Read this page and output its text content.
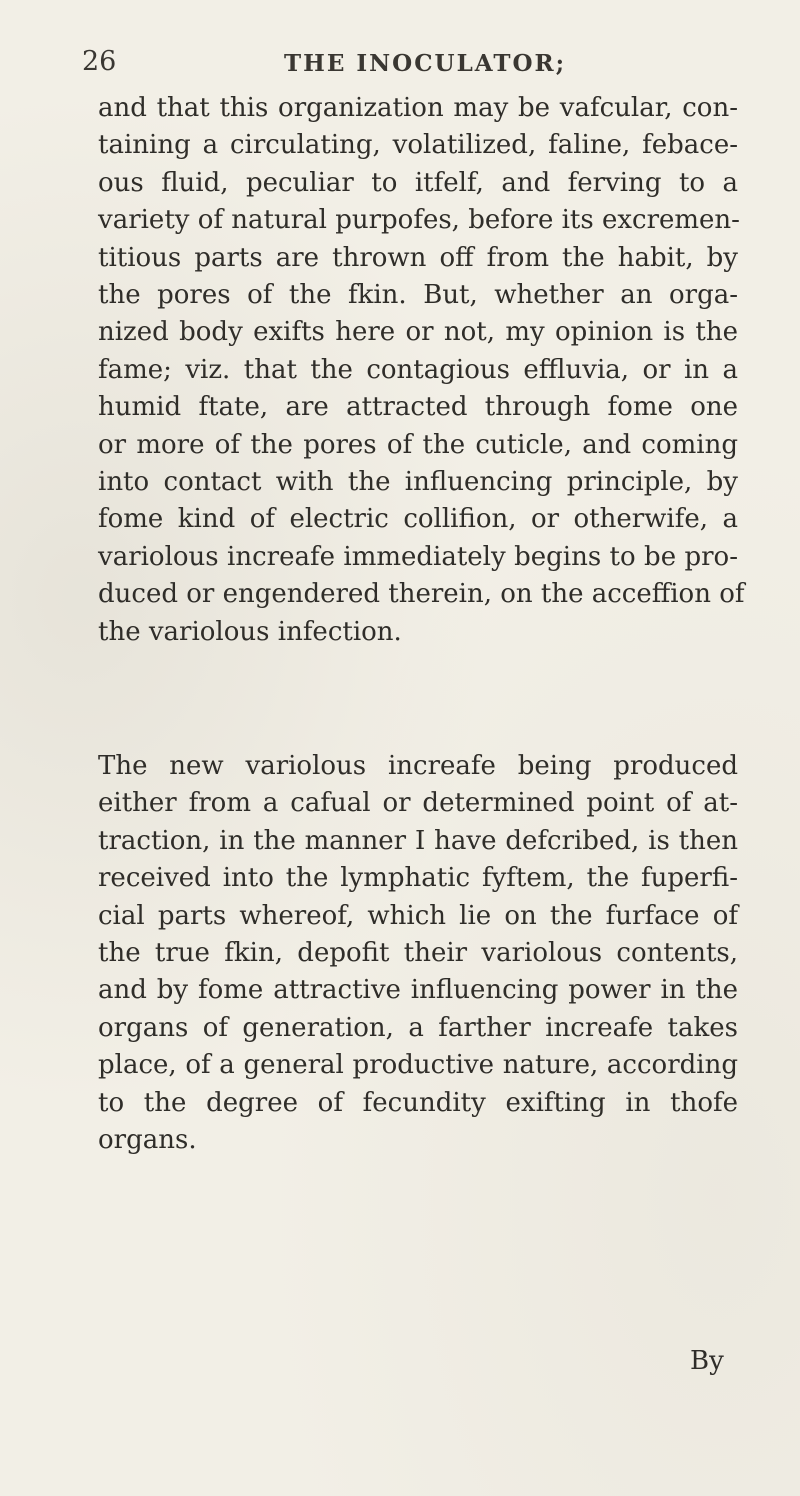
26	THE INOCULATOR;
and that this organization may be vafcular, con-
taining a circulating, volatilized, faline, febace-
ous fluid, peculiar to itfelf, and ferving to a
variety of natural purpofes, before its excremen-
titious parts are thrown off from the habit, by
the pores of the fkin. But, whether an orga-
nized body exifts here or not, my opinion is the
fame; viz. that the contagious effluvia, or in a
humid ftate, are attracted through fome one
or more of the pores of the cuticle, and coming
into contact with the influencing principle, by
fome kind of electric collifion, or otherwife, a
variolous increafe immediately begins to be pro-
duced or engendered therein, on the acceffion of
the variolous infection.
The new variolous increafe being produced
either from a cafual or determined point of at-
traction, in the manner I have defcribed, is then
received into the lymphatic fyftem, the fuperfi-
cial parts whereof, which lie on the furface of
the true fkin, depofit their variolous contents,
and by fome attractive influencing power in the
organs of generation, a farther increafe takes
place, of a general productive nature, according
to the degree of fecundity exifting in thofe
organs.
By
